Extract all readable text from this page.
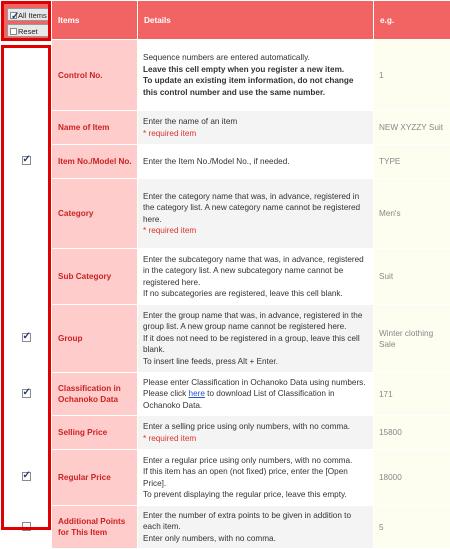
	Items	Details	e.g.
	Control No.	Sequence numbers are entered automatically.
Leave this cell empty when you register a new item.
To update an existing item information, do not change this control number and use the same number.	1
	Name of Item	Enter the name of an item
* required item	NEW XYZZY Suit
✓	Item No./Model No.	Enter the Item No./Model No., if needed.	TYPE
	Category	Enter the category name that was, in advance, registered in the category list. A new category name cannot be registered here.
* required item	Men's
	Sub Category	Enter the subcategory name that was, in advance, registered in the category list. A new subcategory name cannot be registered here.
If no subcategories are registered, leave this cell blank.	Suit
✓	Group	Enter the group name that was, in advance, registered in the group list. A new group name cannot be registered here.
If it does not need to be registered in a group, leave this cell blank.
To insert line feeds, press Alt + Enter.	Winter clothing Sale
✓	Classification in Ochanoko Data	Please enter Classification in Ochanoko Data using numbers. Please click here to download List of Classification in Ochanoko Data.	171
	Selling Price	Enter a selling price using only numbers, with no comma.
* required item	15800
✓	Regular Price	Enter a regular price using only numbers, with no comma.
If this item has an open (not fixed) price, enter the [Open Price].
To prevent displaying the regular price, leave this empty.	18000
	Additional Points for This Item	Enter the number of extra points to be given in addition to each item.
Enter only numbers, with no comma.	5
✓All Items
Reset
